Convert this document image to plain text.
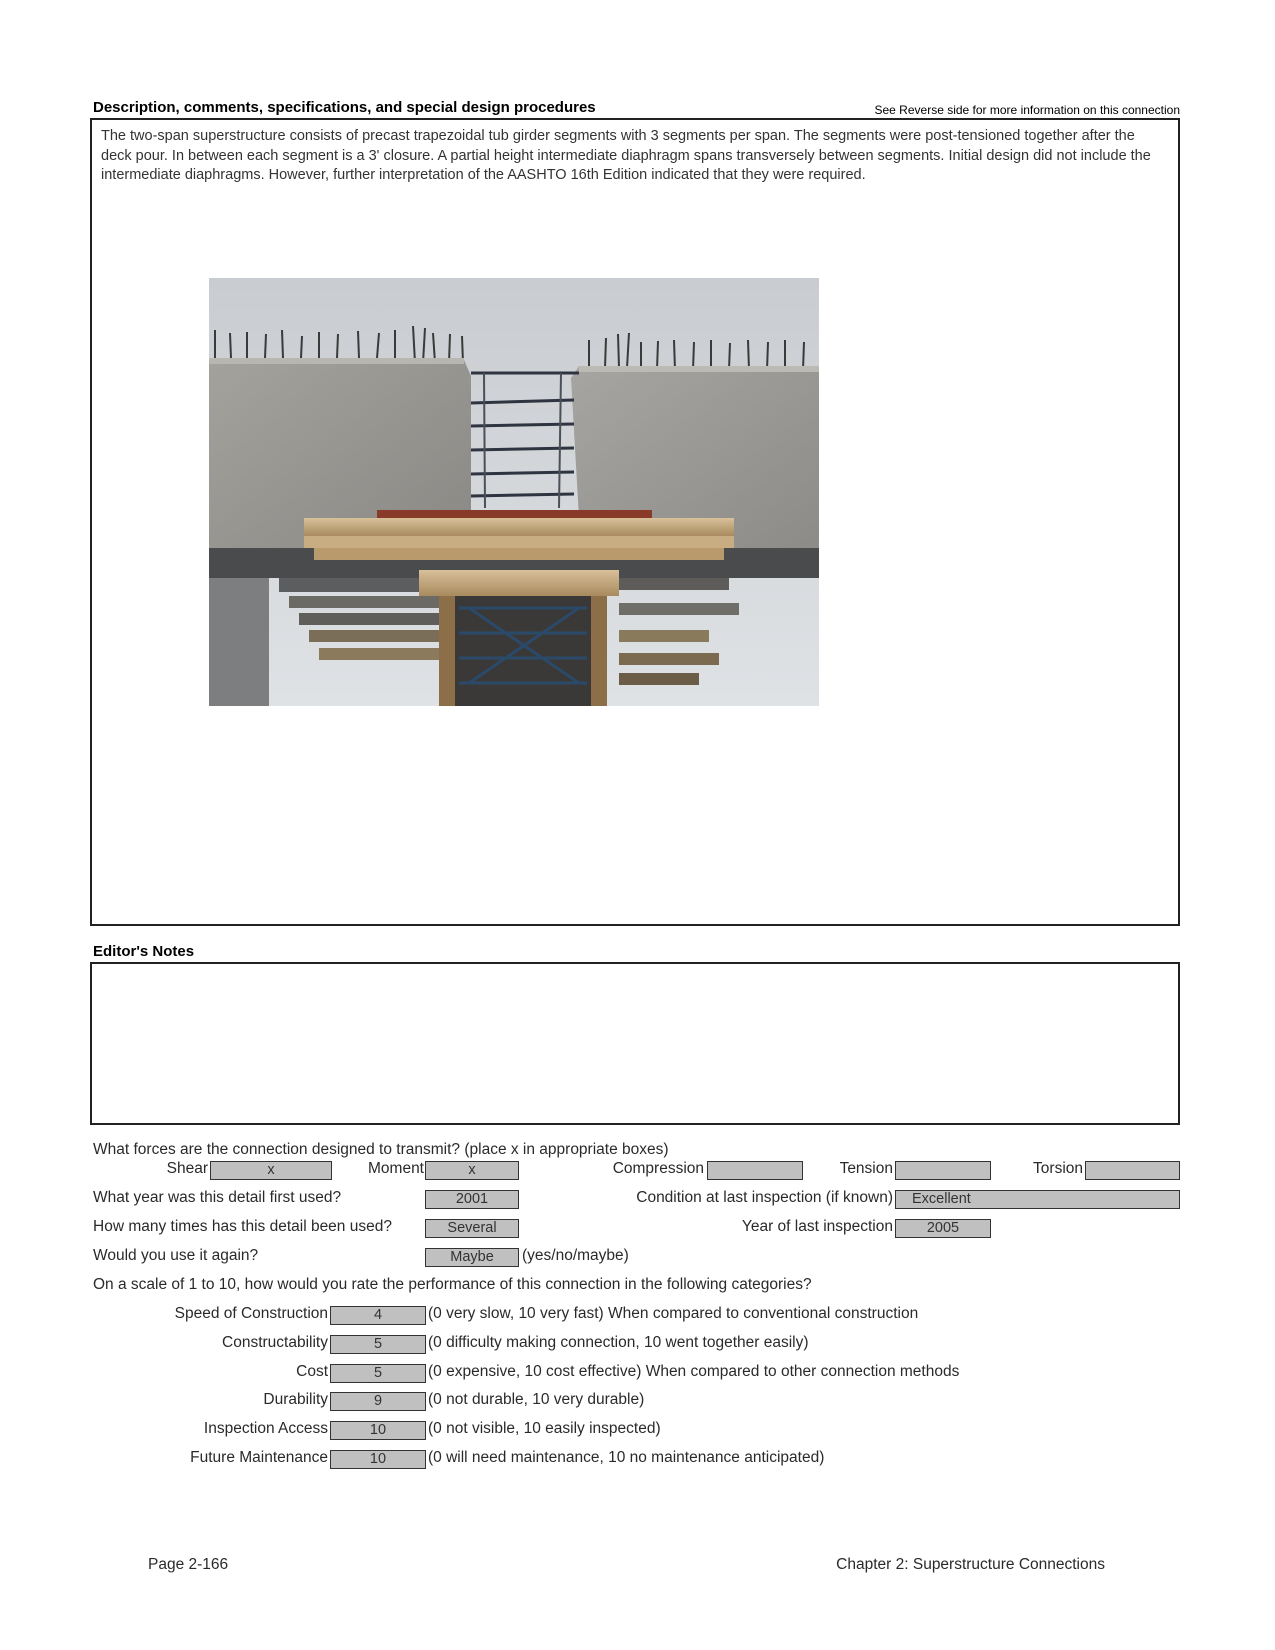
Description, comments, specifications, and special design procedures	See Reverse side for more information on this connection
The two-span superstructure consists of precast trapezoidal tub girder segments with 3 segments per span. The segments were post-tensioned together after the deck pour. In between each segment is a 3' closure. A partial height intermediate diaphragm spans transversely between segments. Initial design did not include the intermediate diaphragms. However, further interpretation of the AASHTO 16th Edition indicated that they were required.
Editor's Notes
What forces are the connection designed to transmit? (place x in appropriate boxes)
Shear	x	Moment	x	Compression	Tension	Torsion
What year was this detail first used?	2001	Condition at last inspection (if known)	Excellent
How many times has this detail been used?	Several	Year of last inspection	2005
Would you use it again?	Maybe	(yes/no/maybe)
On a scale of 1 to 10, how would you rate the performance of this connection in the following categories?
Speed of Construction	4	(0 very slow, 10 very fast) When compared to conventional construction
Constructability	5	(0 difficulty making connection, 10 went together easily)
Cost	5	(0 expensive, 10 cost effective) When compared to other connection methods
Durability	9	(0 not durable, 10 very durable)
Inspection Access	10	(0 not visible, 10 easily inspected)
Future Maintenance	10	(0 will need maintenance, 10 no maintenance anticipated)
Page 2-166	Chapter 2: Superstructure Connections
